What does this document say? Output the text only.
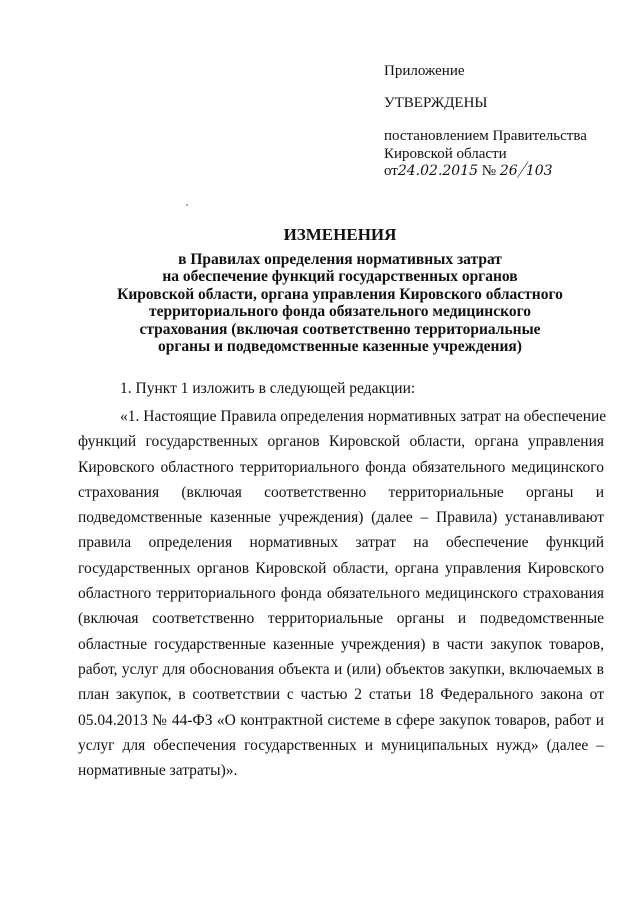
Приложение
УТВЕРЖДЕНЫ
постановлением Правительства
Кировской области
от24.02.2015 № 26/103
ИЗМЕНЕНИЯ
в Правилах определения нормативных затрат
на обеспечение функций государственных органов
Кировской области, органа управления Кировского областного
территориального фонда обязательного медицинского
страхования (включая соответственно территориальные
органы и подведомственные казенные учреждения)
1. Пункт 1 изложить в следующей редакции:
«1. Настоящие Правила определения нормативных затрат на обеспечение
функций государственных органов Кировской области, органа управления
Кировского областного территориального фонда обязательного медицинского
страхования (включая соответственно территориальные органы и
подведомственные казенные учреждения) (далее – Правила) устанавливают
правила определения нормативных затрат на обеспечение функций
государственных органов Кировской области, органа управления Кировского
областного территориального фонда обязательного медицинского страхования
(включая соответственно территориальные органы и подведомственные
областные государственные казенные учреждения) в части закупок товаров,
работ, услуг для обоснования объекта и (или) объектов закупки, включаемых в
план закупок, в соответствии с частью 2 статьи 18 Федерального закона от
05.04.2013 № 44-ФЗ «О контрактной системе в сфере закупок товаров, работ и
услуг для обеспечения государственных и муниципальных нужд» (далее –
нормативные затраты)».
